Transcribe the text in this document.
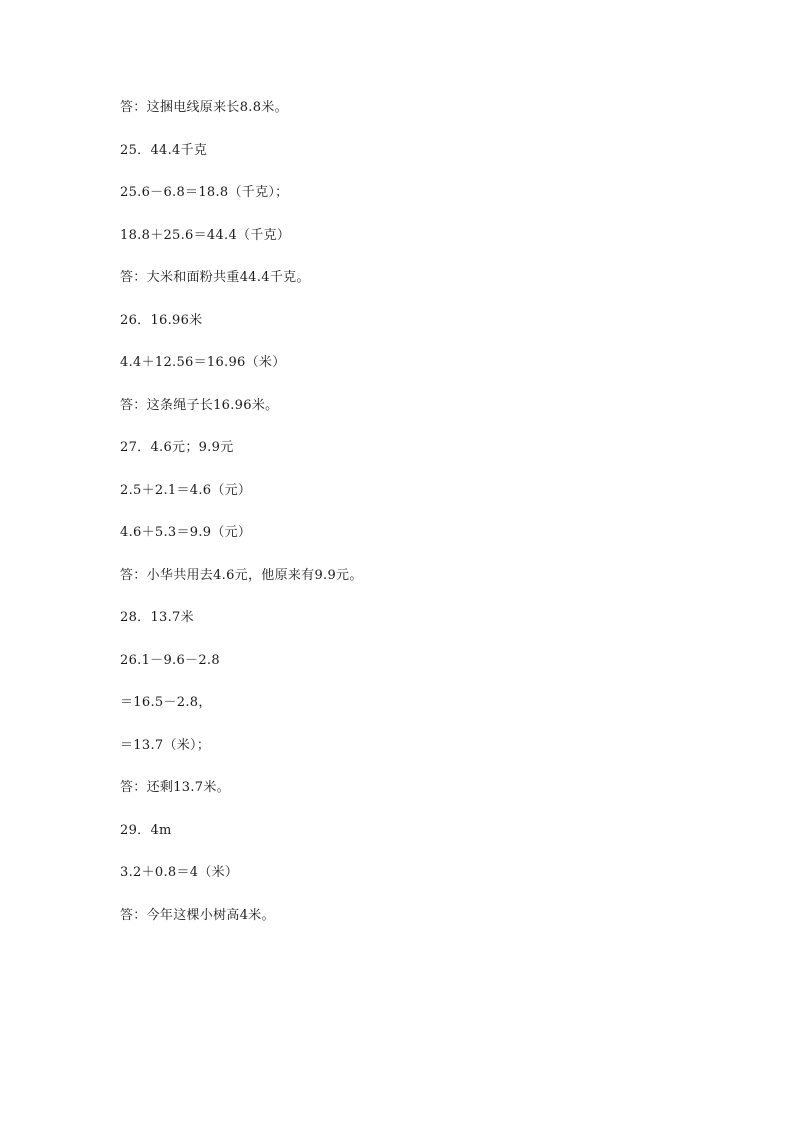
答：这捆电线原来长8.8米。
25．44.4千克
25.6－6.8＝18.8（千克）；
18.8＋25.6＝44.4（千克）
答：大米和面粉共重44.4千克。
26．16.96米
4.4＋12.56＝16.96（米）
答：这条绳子长16.96米。
27．4.6元；9.9元
2.5＋2.1＝4.6（元）
4.6＋5.3＝9.9（元）
答：小华共用去4.6元，他原来有9.9元。
28．13.7米
26.1－9.6－2.8
＝16.5－2.8，
＝13.7（米）；
答：还剩13.7米。
29．4m
3.2＋0.8＝4（米）
答：今年这棵小树高4米。
